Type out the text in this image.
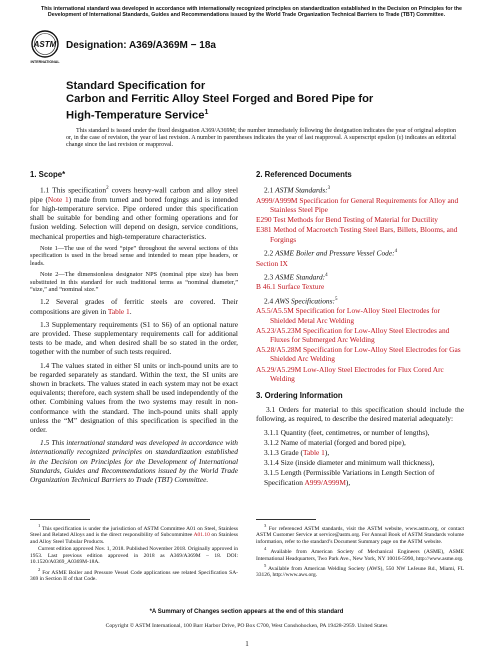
This international standard was developed in accordance with internationally recognized principles on standardization established in the Decision on Principles for the Development of International Standards, Guides and Recommendations issued by the World Trade Organization Technical Barriers to Trade (TBT) Committee.

ASTM
INTERNATIONAL
Designation: A369/A369M − 18a
Standard Specification for
Carbon and Ferritic Alloy Steel Forged and Bored Pipe for
High-Temperature Service$^1$

This standard is issued under the fixed designation A369/A369M; the number immediately following the designation indicates the year of original adoption or, in the case of revision, the year of last revision. A number in parentheses indicates the year of last reapproval. A superscript epsilon (ε) indicates an editorial change since the last revision or reapproval.

1. Scope*

1.1 This specification$^2$ covers heavy-wall carbon and alloy steel pipe (Note 1) made from turned and bored forgings and is intended for high-temperature service. Pipe ordered under this specification shall be suitable for bending and other forming operations and for fusion welding. Selection will depend on design, service conditions, mechanical properties and high-temperature characteristics.

Note 1—The use of the word “pipe” throughout the several sections of this specification is used in the broad sense and intended to mean pipe headers, or leads.

Note 2—The dimensionless designator NPS (nominal pipe size) has been substituted in this standard for such traditional terms as “nominal diameter,” “size,” and “nominal size.”

1.2 Several grades of ferritic steels are covered. Their compositions are given in Table 1.

1.3 Supplementary requirements (S1 to S6) of an optional nature are provided. These supplementary requirements call for additional tests to be made, and when desired shall be so stated in the order, together with the number of such tests required.

1.4 The values stated in either SI units or inch-pound units are to be regarded separately as standard. Within the text, the SI units are shown in brackets. The values stated in each system may not be exact equivalents; therefore, each system shall be used independently of the other. Combining values from the two systems may result in non-conformance with the standard. The inch-pound units shall apply unless the “M” designation of this specification is specified in the order.

1.5 This international standard was developed in accordance with internationally recognized principles on standardization established in the Decision on Principles for the Development of International Standards, Guides and Recommendations issued by the World Trade Organization Technical Barriers to Trade (TBT) Committee.

$^1$ This specification is under the jurisdiction of ASTM Committee A01 on Steel, Stainless Steel and Related Alloys and is the direct responsibility of Subcommittee A01.10 on Stainless and Alloy Steel Tubular Products.

Current edition approved Nov. 1, 2018. Published November 2018. Originally approved in 1953. Last previous edition approved in 2018 as A369/A369M – 18. DOI: 10.1520/A0369_A0369M-18A.

$^2$ For ASME Boiler and Pressure Vessel Code applications see related Specification SA-369 in Section II of that Code.

2. Referenced Documents
2.1 ASTM Standards:$^3$
A999/A999M Specification for General Requirements for Alloy and Stainless Steel Pipe
E290 Test Methods for Bend Testing of Material for Ductility
E381 Method of Macroetch Testing Steel Bars, Billets, Blooms, and Forgings
2.2 ASME Boiler and Pressure Vessel Code:$^4$
Section IX
2.3 ASME Standard:$^4$
B 46.1 Surface Texture
2.4 AWS Specifications:$^5$
A5.5/A5.5M Specification for Low-Alloy Steel Electrodes for Shielded Metal Arc Welding
A5.23/A5.23M Specification for Low-Alloy Steel Electrodes and Fluxes for Submerged Arc Welding
A5.28/A5.28M Specification for Low-Alloy Steel Electrodes for Gas Shielded Arc Welding
A5.29/A5.29M Low-Alloy Steel Electrodes for Flux Cored Arc Welding
3. Ordering Information

3.1 Orders for material to this specification should include the following, as required, to describe the desired material adequately:

3.1.1 Quantity (feet, centimetres, or number of lengths),
3.1.2 Name of material (forged and bored pipe),
3.1.3 Grade (Table 1),
3.1.4 Size (inside diameter and minimum wall thickness),
3.1.5 Length (Permissible Variations in Length Section of Specification A999/A999M),

$^3$ For referenced ASTM standards, visit the ASTM website, www.astm.org, or contact ASTM Customer Service at service@astm.org. For Annual Book of ASTM Standards volume information, refer to the standard’s Document Summary page on the ASTM website.

$^4$ Available from American Society of Mechanical Engineers (ASME), ASME International Headquarters, Two Park Ave., New York, NY 10016-5990, http://www.asme.org.

$^5$ Available from American Welding Society (AWS), 550 NW LeJeune Rd., Miami, FL 33126, http://www.aws.org.

*A Summary of Changes section appears at the end of this standard
Copyright © ASTM International, 100 Barr Harbor Drive, PO Box C700, West Conshohocken, PA 19428-2959. United States
1
